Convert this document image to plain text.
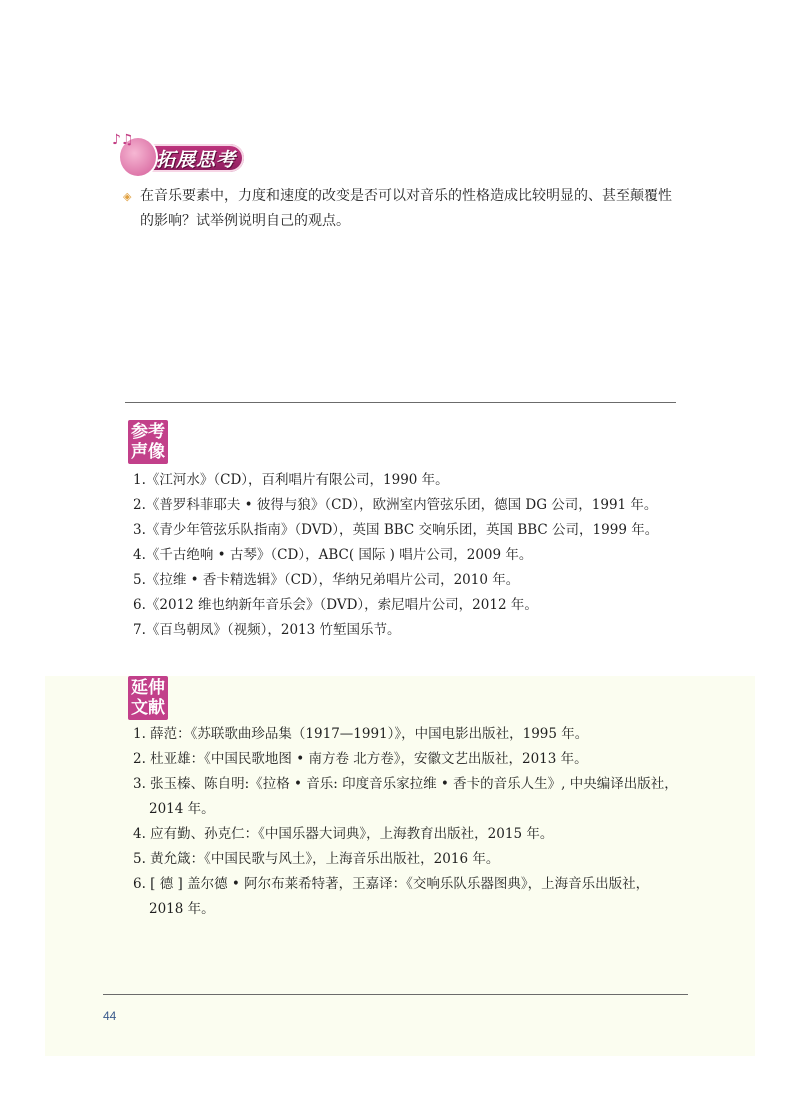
♪♫
拓展思考
◈ 在音乐要素中，力度和速度的改变是否可以对音乐的性格造成比较明显的、甚至颠覆性的影响？试举例说明自己的观点。
参考
声像
1.《江河水》（CD），百利唱片有限公司，1990 年。
2.《普罗科菲耶夫 • 彼得与狼》（CD），欧洲室内管弦乐团，德国 DG 公司，1991 年。
3.《青少年管弦乐队指南》（DVD），英国 BBC 交响乐团，英国 BBC 公司，1999 年。
4.《千古绝响 • 古琴》（CD），ABC( 国际 ) 唱片公司，2009 年。
5.《拉维 • 香卡精选辑》（CD），华纳兄弟唱片公司，2010 年。
6.《2012 维也纳新年音乐会》（DVD），索尼唱片公司，2012 年。
7.《百鸟朝凤》（视频），2013 竹堑国乐节。
延伸
文献
1. 薛范：《苏联歌曲珍品集（1917—1991）》，中国电影出版社，1995 年。
2. 杜亚雄：《中国民歌地图 • 南方卷 北方卷》，安徽文艺出版社，2013 年。
3. 张玉榛、陈自明:《拉格 • 音乐: 印度音乐家拉维 • 香卡的音乐人生》, 中央编译出版社，
2014 年。
4. 应有勤、孙克仁：《中国乐器大词典》，上海教育出版社，2015 年。
5. 黄允箴：《中国民歌与风土》，上海音乐出版社，2016 年。
6. [ 德 ] 盖尔德 • 阿尔布莱希特著，王嘉译：《交响乐队乐器图典》，上海音乐出版社，
2018 年。
44
